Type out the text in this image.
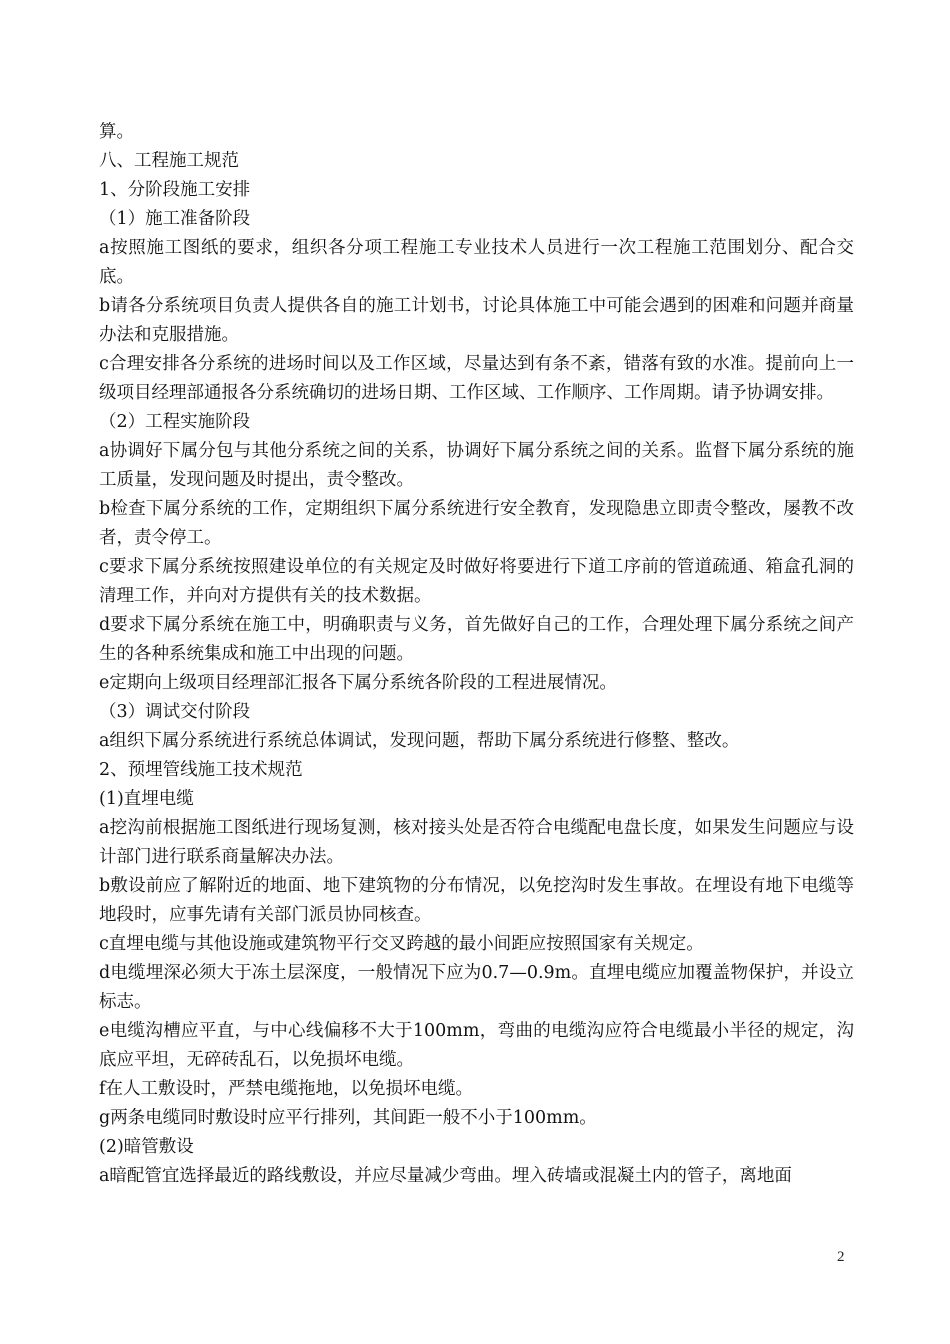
算。

八、工程施工规范

1、分阶段施工安排

（1）施工准备阶段

a按照施工图纸的要求，组织各分项工程施工专业技术人员进行一次工程施工范围划分、配合交底。

b请各分系统项目负责人提供各自的施工计划书，讨论具体施工中可能会遇到的困难和问题并商量办法和克服措施。

c合理安排各分系统的进场时间以及工作区域，尽量达到有条不紊，错落有致的水准。提前向上一级项目经理部通报各分系统确切的进场日期、工作区域、工作顺序、工作周期。请予协调安排。

（2）工程实施阶段

a协调好下属分包与其他分系统之间的关系，协调好下属分系统之间的关系。监督下属分系统的施工质量，发现问题及时提出，责令整改。

b检查下属分系统的工作，定期组织下属分系统进行安全教育，发现隐患立即责令整改，屡教不改者，责令停工。

c要求下属分系统按照建设单位的有关规定及时做好将要进行下道工序前的管道疏通、箱盒孔洞的清理工作，并向对方提供有关的技术数据。

d要求下属分系统在施工中，明确职责与义务，首先做好自己的工作，合理处理下属分系统之间产生的各种系统集成和施工中出现的问题。

e定期向上级项目经理部汇报各下属分系统各阶段的工程进展情况。

（3）调试交付阶段

a组织下属分系统进行系统总体调试，发现问题，帮助下属分系统进行修整、整改。

2、预埋管线施工技术规范

(1)直埋电缆

a挖沟前根据施工图纸进行现场复测，核对接头处是否符合电缆配电盘长度，如果发生问题应与设计部门进行联系商量解决办法。

b敷设前应了解附近的地面、地下建筑物的分布情况，以免挖沟时发生事故。在埋设有地下电缆等地段时，应事先请有关部门派员协同核查。

c直埋电缆与其他设施或建筑物平行交叉跨越的最小间距应按照国家有关规定。

d电缆埋深必须大于冻土层深度，一般情况下应为0.7—0.9m。直埋电缆应加覆盖物保护，并设立标志。

e电缆沟槽应平直，与中心线偏移不大于100mm，弯曲的电缆沟应符合电缆最小半径的规定，沟底应平坦，无碎砖乱石，以免损坏电缆。

f在人工敷设时，严禁电缆拖地，以免损坏电缆。

g两条电缆同时敷设时应平行排列，其间距一般不小于100mm。

(2)暗管敷设

a暗配管宜选择最近的路线敷设，并应尽量减少弯曲。埋入砖墙或混凝土内的管子，离地面

2
